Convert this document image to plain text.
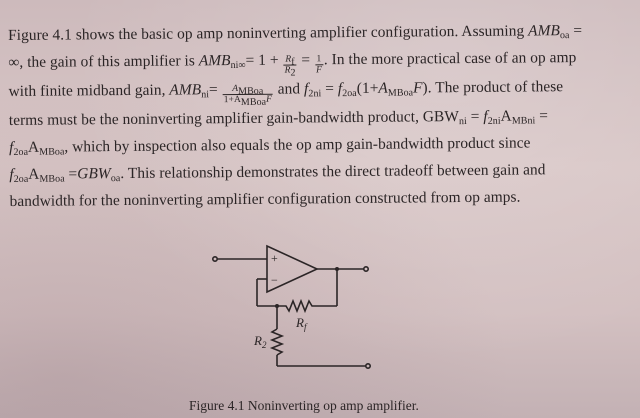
Figure 4.1 shows the basic op amp noninverting amplifier configuration. Assuming $AMB_{oa}$ =
∞, the gain of this amplifier is $AMB_{ni\infty}= 1 + \frac{R_f}{R_2} = \frac{1}{F}$ . In the more practical case of an op amp
with finite midband gain, $AMB_{ni}= \frac{A_{MBoa}}{1+A_{MBoa}F}$ and $f_{2ni} = f_{2oa}(1+A_{MBoa}F)$. The product of these
terms must be the noninverting amplifier gain-bandwidth product, $GBW_{ni} = f_{2ni}A_{MBni}$ =
$f_{2oa}A_{MBoa}$, which by inspection also equals the op amp gain-bandwidth product since
$f_{2oa}A_{MBoa} =GBW_{oa}$. This relationship demonstrates the direct tradeoff between gain and
bandwidth for the noninverting amplifier configuration constructed from op amps.
+
−
$R_f$
$R_2$
Figure 4.1 Noninverting op amp amplifier.
